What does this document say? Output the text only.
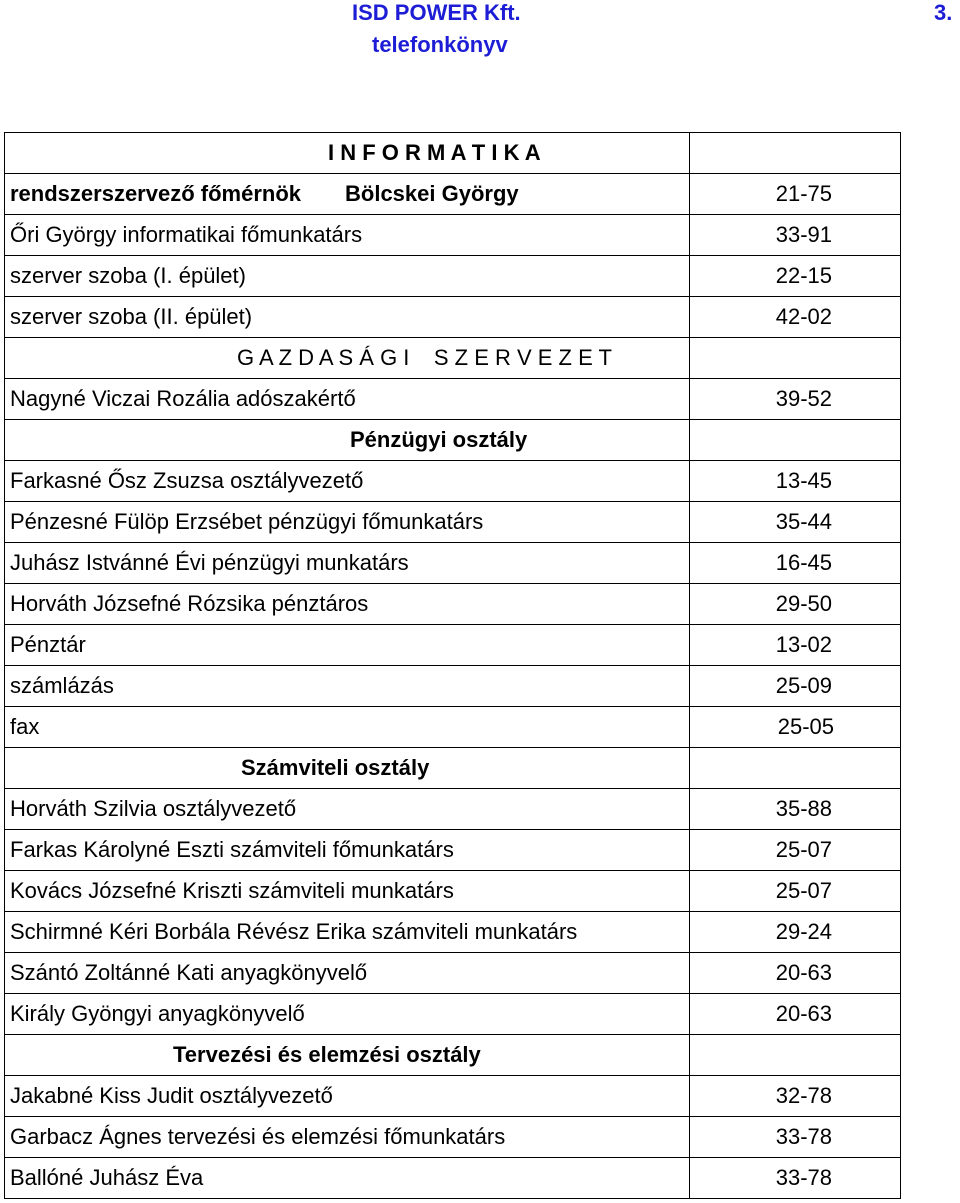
ISD POWER Kft.
telefonkönyv
3.
I N F O R M A T I K A	
rendszerszervező főmérnök Bölcskei György	21-75
Őri György informatikai főmunkatárs	33-91
szerver szoba (I. épület)	22-15
szerver szoba (II. épület)	42-02
G A Z D A S Á G I    S Z E R V E Z E T	
Nagyné Viczai Rozália adószakértő	39-52
Pénzügyi osztály	
Farkasné Ősz Zsuzsa osztályvezető	13-45
Pénzesné Fülöp Erzsébet pénzügyi főmunkatárs	35-44
Juhász Istvánné Évi pénzügyi munkatárs	16-45
Horváth Józsefné Rózsika pénztáros	29-50
Pénztár	13-02
számlázás	25-09
fax	25-05
Számviteli osztály	
Horváth Szilvia osztályvezető	35-88
Farkas Károlyné Eszti számviteli főmunkatárs	25-07
Kovács Józsefné Kriszti számviteli munkatárs	25-07
Schirmné Kéri Borbála Révész Erika számviteli munkatárs	29-24
Szántó Zoltánné Kati anyagkönyvelő	20-63
Király Gyöngyi anyagkönyvelő	20-63
Tervezési és elemzési osztály	
Jakabné Kiss Judit osztályvezető	32-78
Garbacz Ágnes tervezési és elemzési főmunkatárs	33-78
Ballóné Juhász Éva	33-78
